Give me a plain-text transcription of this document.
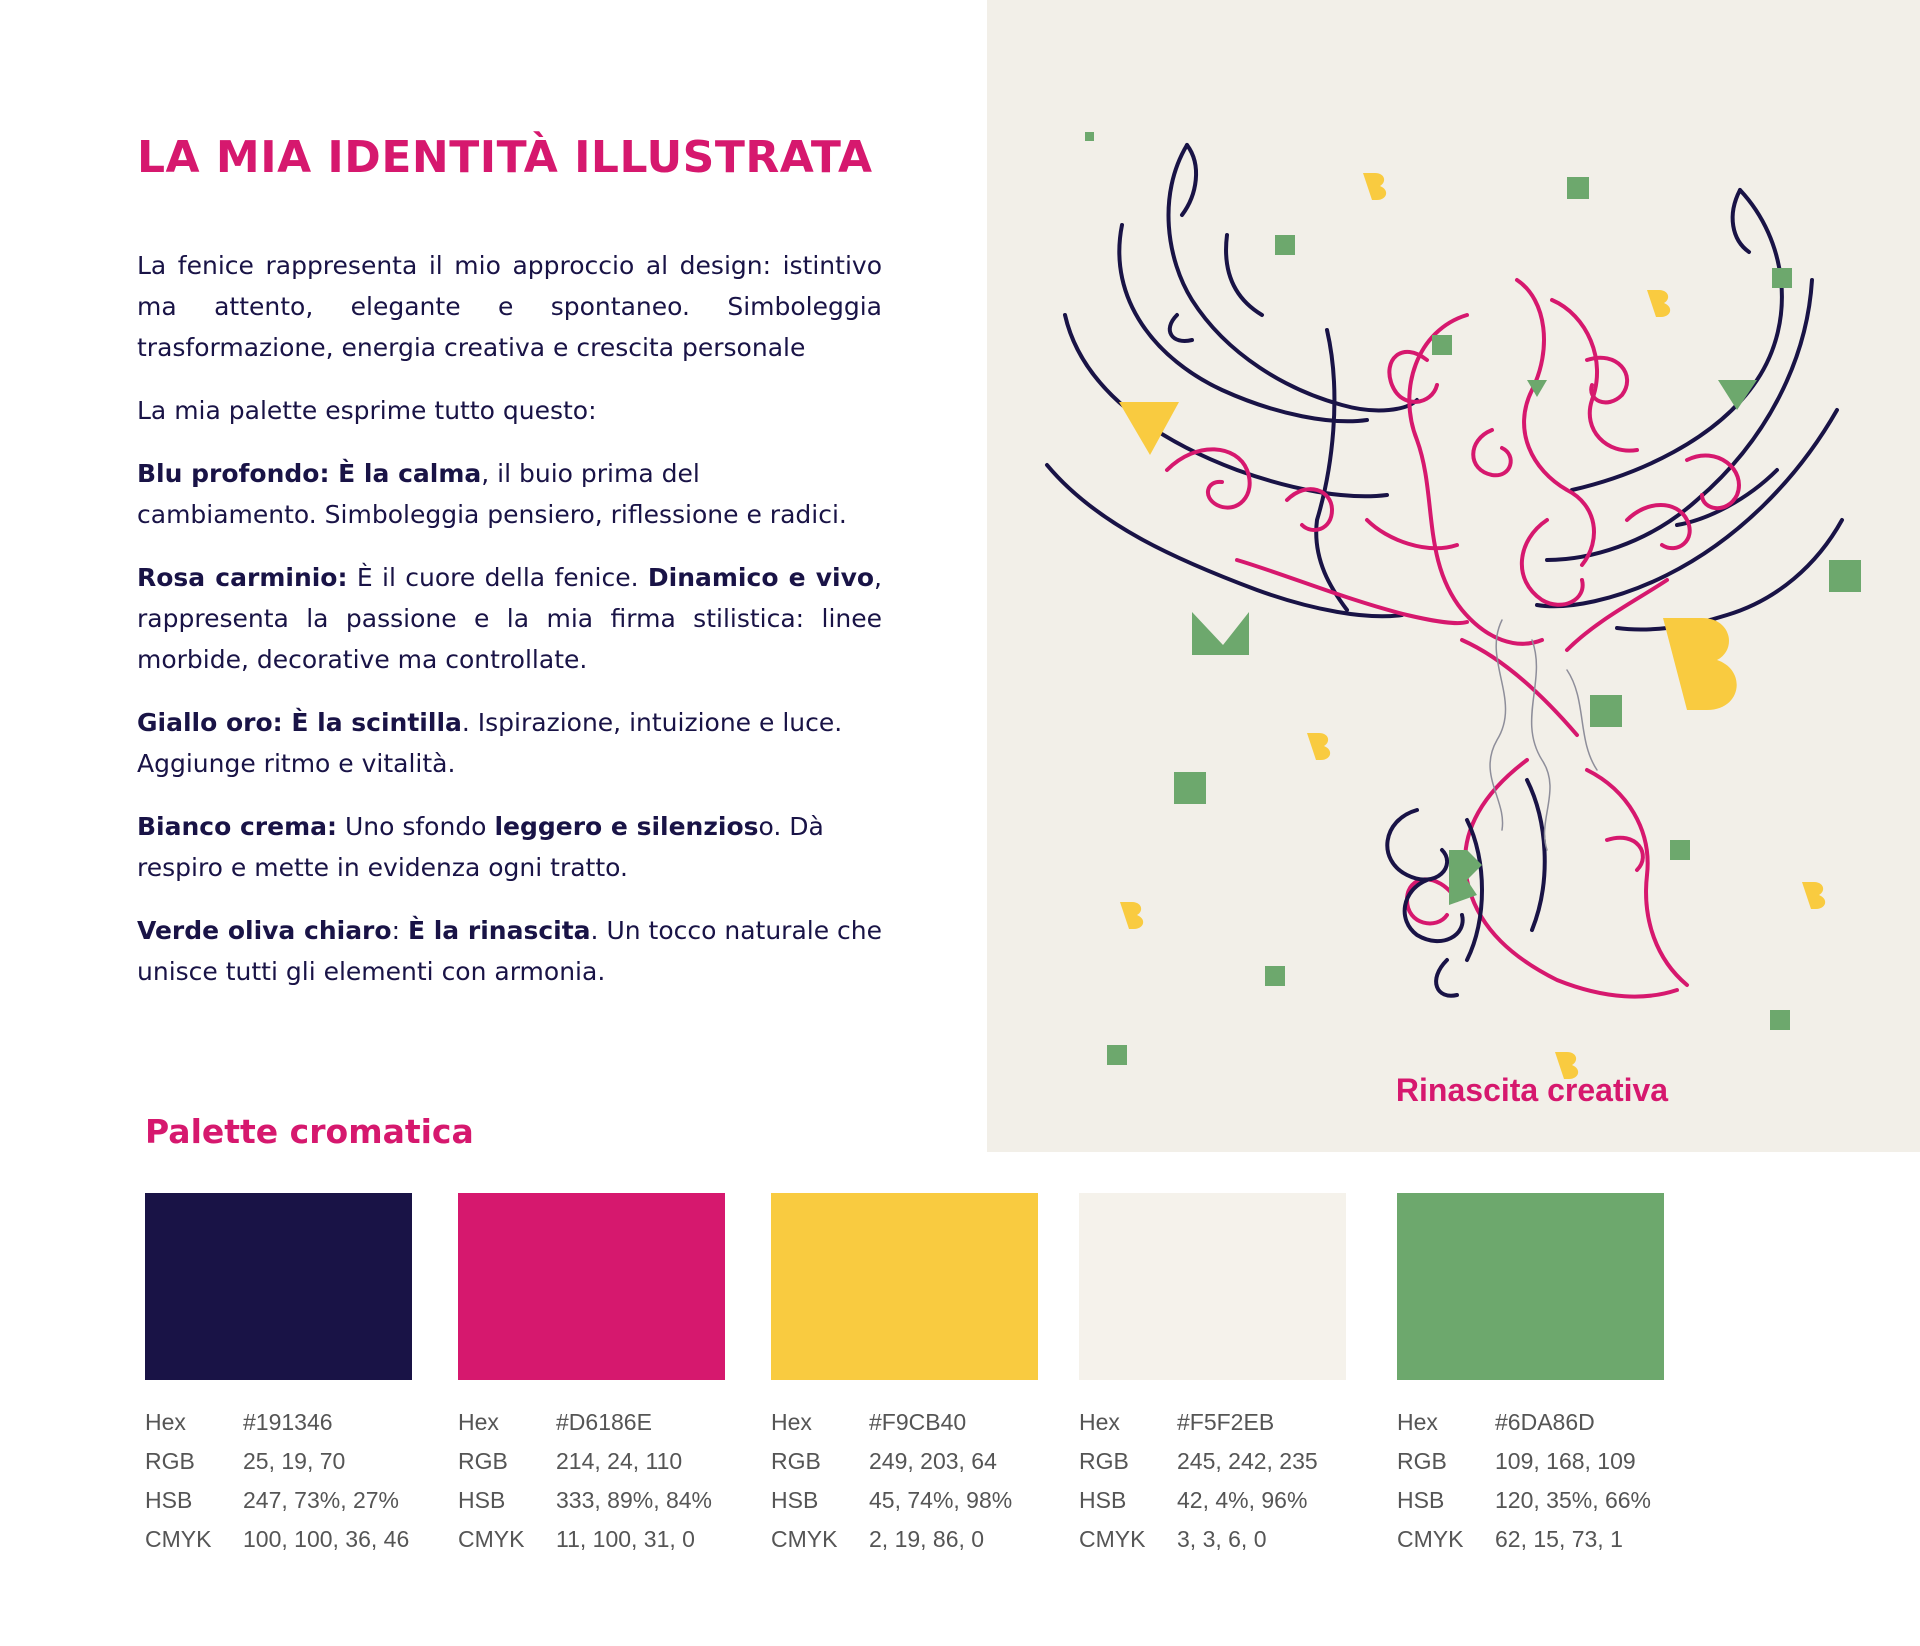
LA MIA IDENTITÀ ILLUSTRATA

La fenice rappresenta il mio approccio al design: istintivo ma attento, elegante e spontaneo. Simboleggia trasformazione, energia creativa e crescita personale

La mia palette esprime tutto questo:

Blu profondo: È la calma, il buio prima del cambiamento. Simboleggia pensiero, riflessione e radici.

Rosa carminio: È il cuore della fenice. Dinamico e vivo, rappresenta la passione e la mia firma stilistica: linee morbide, decorative ma controllate.

Giallo oro: È la scintilla. Ispirazione, intuizione e luce. Aggiunge ritmo e vitalità.

Bianco crema: Uno sfondo leggero e silenzioso. Dà respiro e mette in evidenza ogni tratto.

Verde oliva chiaro: È la rinascita. Un tocco naturale che unisce tutti gli elementi con armonia.

Rinascita creativa
Palette cromatica
Hex	#191346
RGB	25, 19, 70
HSB	247, 73%, 27%
CMYK	100, 100, 36, 46
Hex	#D6186E
RGB	214, 24, 110
HSB	333, 89%, 84%
CMYK	11, 100, 31, 0
Hex	#F9CB40
RGB	249, 203, 64
HSB	45, 74%, 98%
CMYK	2, 19, 86, 0
Hex	#F5F2EB
RGB	245, 242, 235
HSB	42, 4%, 96%
CMYK	3, 3, 6, 0
Hex	#6DA86D
RGB	109, 168, 109
HSB	120, 35%, 66%
CMYK	62, 15, 73, 1
